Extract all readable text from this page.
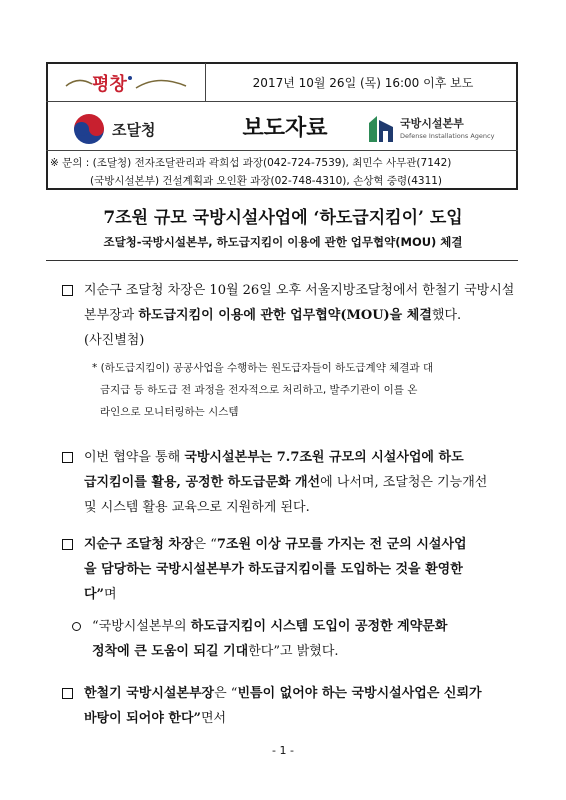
평창	2017년 10월 26일 (목) 16:00 이후 보도
조달청	보도자료	국방시설본부
Defense Installations Agency
※ 문의 : (조달청) 전자조달관리과 곽희섭 과장(042-724-7539), 최민수 사무관(7142)
(국방시설본부) 건설계획과 오인환 과장(02-748-4310), 손상혁 중령(4311)
7조원 규모 국방시설사업에 ‘하도급지킴이’ 도입
조달청-국방시설본부, 하도급지킴이 이용에 관한 업무협약(MOU) 체결
지순구 조달청 차장은 10월 26일 오후 서울지방조달청에서 한철기 국방시설
본부장과 하도급지킴이 이용에 관한 업무협약(MOU)을 체결했다.
(사진별첨)
* (하도급지킴이) 공공사업을 수행하는 원도급자들이 하도급계약 체결과 대
금지급 등 하도급 전 과정을 전자적으로 처리하고, 발주기관이 이를 온
라인으로 모니터링하는 시스템
이번 협약을 통해 국방시설본부는 7.7조원 규모의 시설사업에 하도
급지킴이를 활용, 공정한 하도급문화 개선에 나서며, 조달청은 기능개선
및 시스템 활용 교육으로 지원하게 된다.
지순구 조달청 차장은 “7조원 이상 규모를 가지는 전 군의 시설사업
을 담당하는 국방시설본부가 하도급지킴이를 도입하는 것을 환영한
다”며
“국방시설본부의 하도급지킴이 시스템 도입이 공정한 계약문화
정착에 큰 도움이 되길 기대한다”고 밝혔다.
한철기 국방시설본부장은 “빈틈이 없어야 하는 국방시설사업은 신뢰가
바탕이 되어야 한다”면서
- 1 -
